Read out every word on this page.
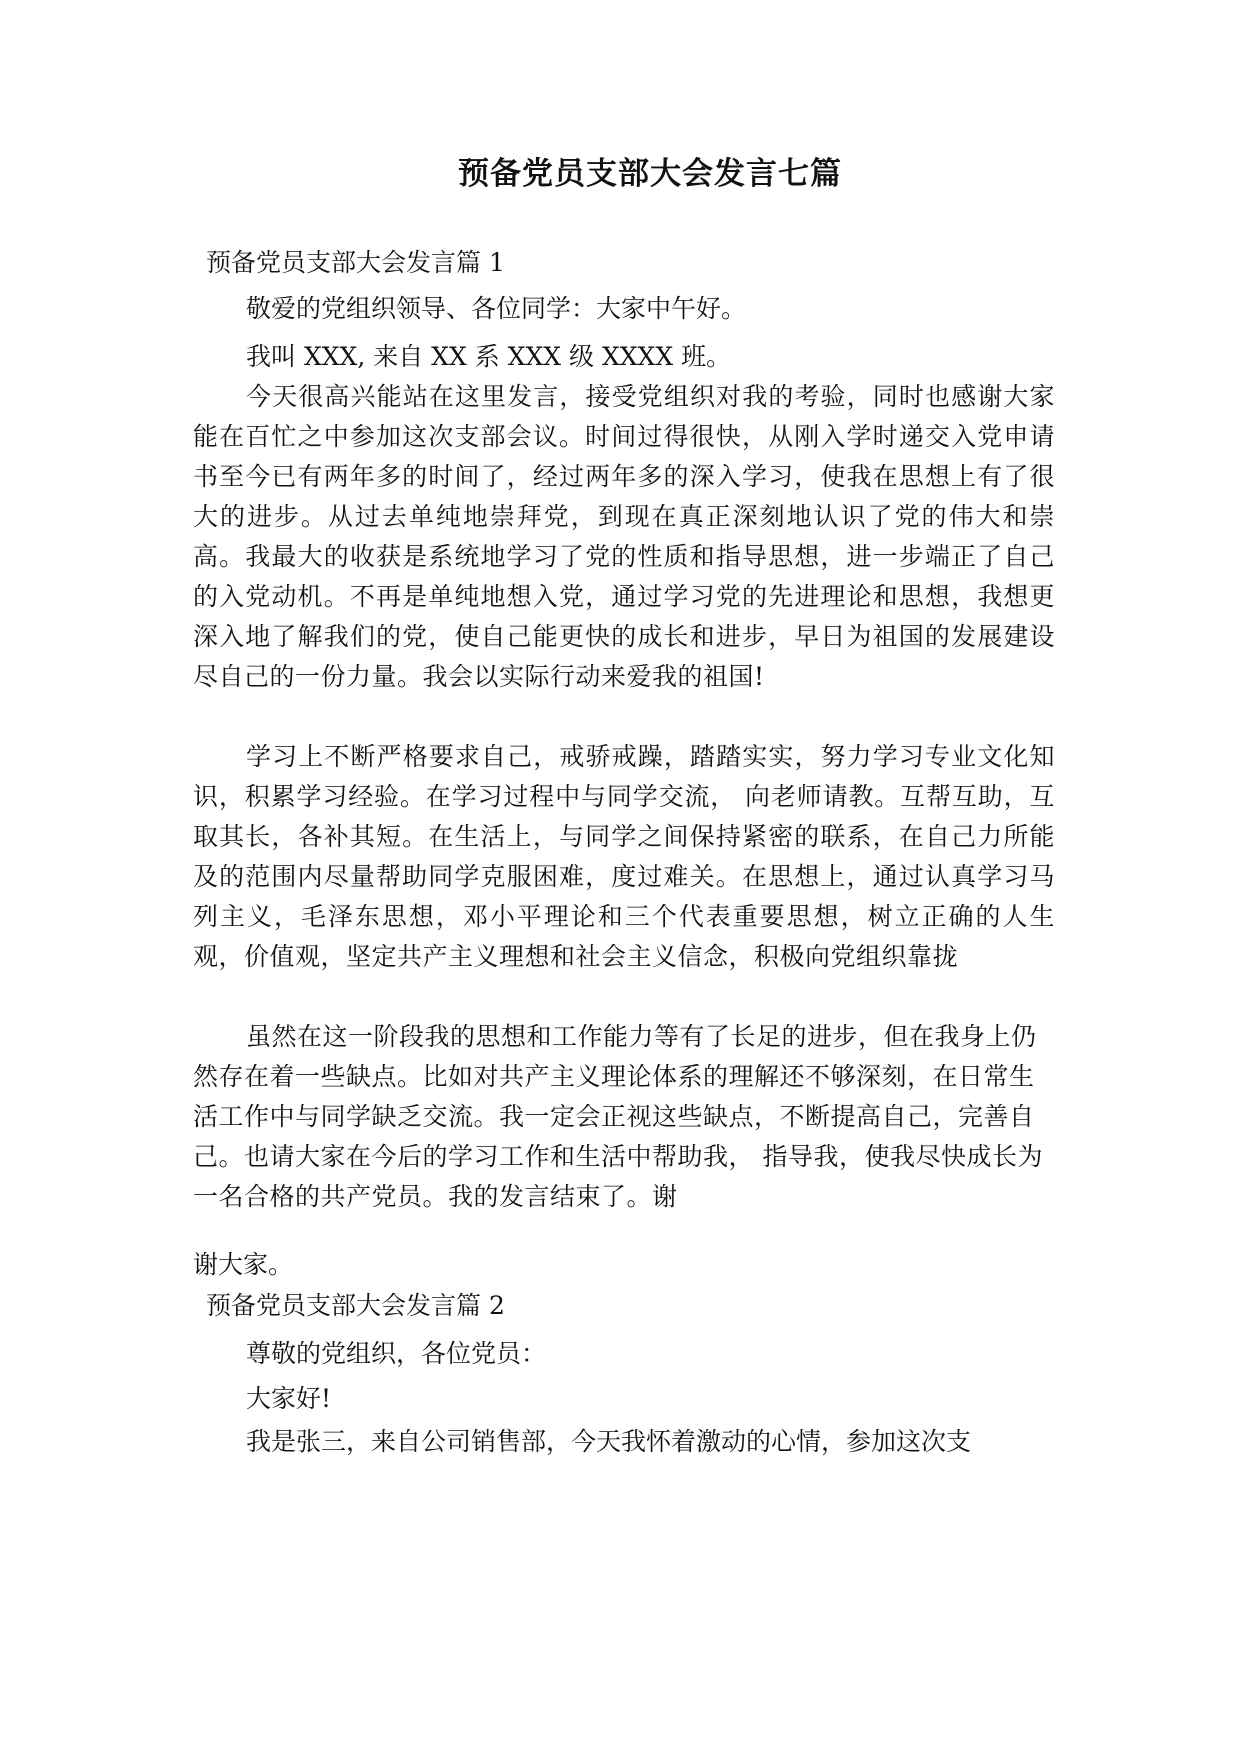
预备党员支部大会发言七篇
预备党员支部大会发言篇 1
敬爱的党组织领导、各位同学：大家中午好。
我叫 XXX, 来自 XX 系 XXX 级 XXXX 班。

今天很高兴能站在这里发言，接受党组织对我的考验，同时也感谢大家能在百忙之中参加这次支部会议。时间过得很快，从刚入学时递交入党申请书至今已有两年多的时间了，经过两年多的深入学习，使我在思想上有了很大的进步。从过去单纯地崇拜党，到现在真正深刻地认识了党的伟大和崇高。我最大的收获是系统地学习了党的性质和指导思想，进一步端正了自己的入党动机。不再是单纯地想入党，通过学习党的先进理论和思想，我想更深入地了解我们的党，使自己能更快的成长和进步，早日为祖国的发展建设尽自己的一份力量。我会以实际行动来爱我的祖国!

学习上不断严格要求自己，戒骄戒躁，踏踏实实，努力学习专业文化知识，积累学习经验。在学习过程中与同学交流， 向老师请教。互帮互助，互取其长，各补其短。在生活上，与同学之间保持紧密的联系，在自己力所能及的范围内尽量帮助同学克服困难，度过难关。在思想上，通过认真学习马列主义，毛泽东思想，邓小平理论和三个代表重要思想，树立正确的人生观，价值观，坚定共产主义理想和社会主义信念，积极向党组织靠拢

虽然在这一阶段我的思想和工作能力等有了长足的进步，但在我身上仍然存在着一些缺点。比如对共产主义理论体系的理解还不够深刻，在日常生活工作中与同学缺乏交流。我一定会正视这些缺点，不断提高自己，完善自己。也请大家在今后的学习工作和生活中帮助我， 指导我，使我尽快成长为一名合格的共产党员。我的发言结束了。谢

谢大家。
预备党员支部大会发言篇 2
尊敬的党组织，各位党员：
大家好!
我是张三，来自公司销售部，今天我怀着激动的心情，参加这次支
